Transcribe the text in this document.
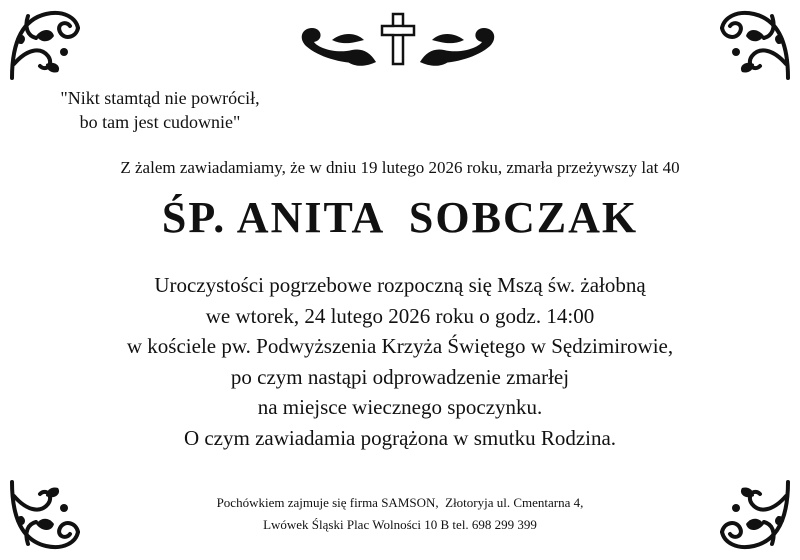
"Nikt stamtąd nie powrócił,
bo tam jest cudownie"
Z żalem zawiadamiamy, że w dniu 19 lutego 2026 roku, zmarła przeżywszy lat 40
ŚP. ANITA  SOBCZAK
Uroczystości pogrzebowe rozpoczną się Mszą św. żałobną
we wtorek, 24 lutego 2026 roku o godz. 14:00
w kościele pw. Podwyższenia Krzyża Świętego w Sędzimirowie,
po czym nastąpi odprowadzenie zmarłej
na miejsce wiecznego spoczynku.
O czym zawiadamia pogrążona w smutku Rodzina.
Pochówkiem zajmuje się firma SAMSON,  Złotoryja ul. Cmentarna 4,
Lwówek Śląski Plac Wolności 10 B tel. 698 299 399
